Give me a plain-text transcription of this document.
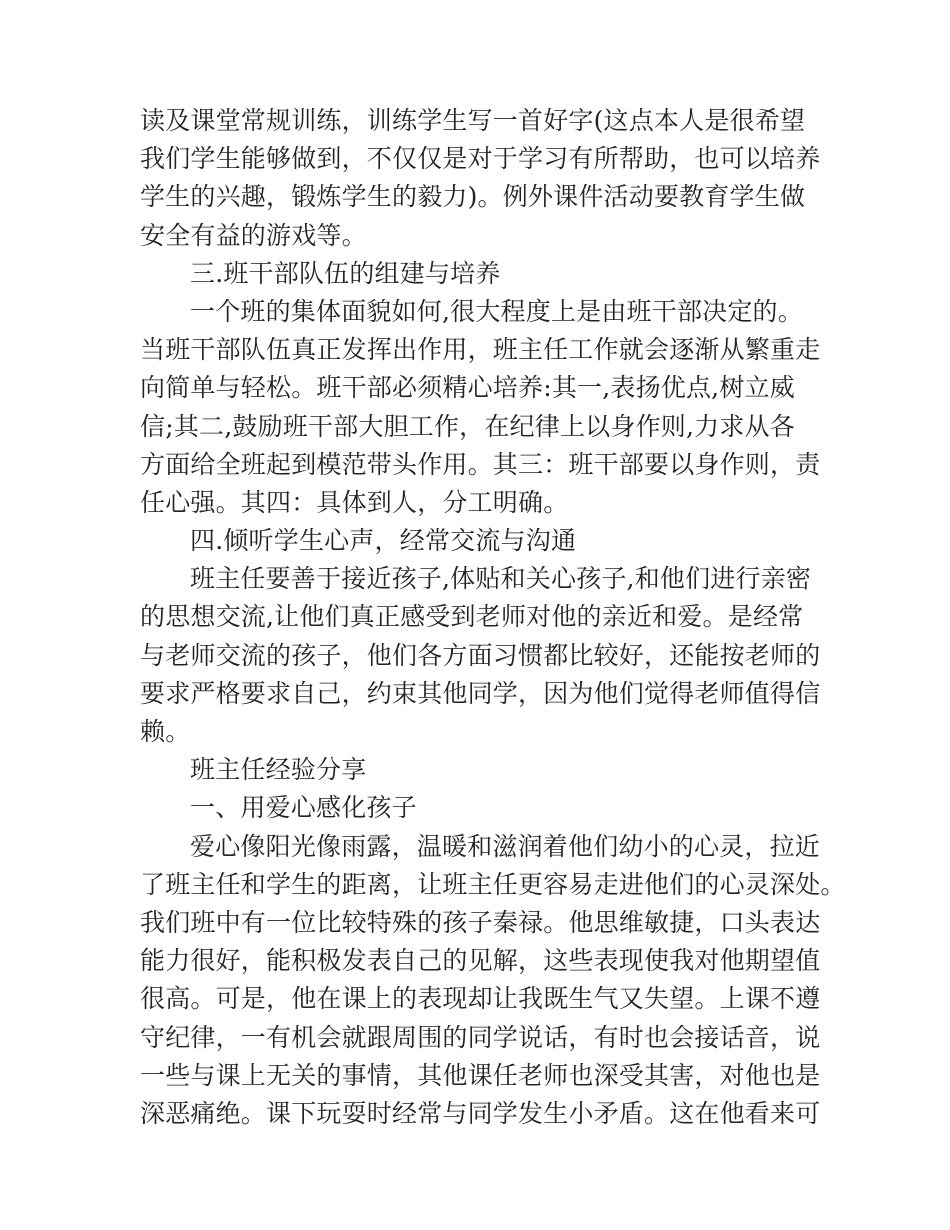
读及课堂常规训练，训练学生写一首好字(这点本人是很希望
我们学生能够做到，不仅仅是对于学习有所帮助，也可以培养
学生的兴趣，锻炼学生的毅力)。例外课件活动要教育学生做
安全有益的游戏等。
三.班干部队伍的组建与培养
一个班的集体面貌如何,很大程度上是由班干部决定的。
当班干部队伍真正发挥出作用，班主任工作就会逐渐从繁重走
向简单与轻松。班干部必须精心培养:其一,表扬优点,树立威
信;其二,鼓励班干部大胆工作，在纪律上以身作则,力求从各
方面给全班起到模范带头作用。其三：班干部要以身作则，责
任心强。其四：具体到人，分工明确。
四.倾听学生心声，经常交流与沟通
班主任要善于接近孩子,体贴和关心孩子,和他们进行亲密
的思想交流,让他们真正感受到老师对他的亲近和爱。是经常
与老师交流的孩子，他们各方面习惯都比较好，还能按老师的
要求严格要求自己，约束其他同学，因为他们觉得老师值得信
赖。
班主任经验分享
一、用爱心感化孩子
爱心像阳光像雨露，温暖和滋润着他们幼小的心灵，拉近
了班主任和学生的距离，让班主任更容易走进他们的心灵深处。
我们班中有一位比较特殊的孩子秦禄。他思维敏捷，口头表达
能力很好，能积极发表自己的见解，这些表现使我对他期望值
很高。可是，他在课上的表现却让我既生气又失望。上课不遵
守纪律，一有机会就跟周围的同学说话，有时也会接话音，说
一些与课上无关的事情，其他课任老师也深受其害，对他也是
深恶痛绝。课下玩耍时经常与同学发生小矛盾。这在他看来可
